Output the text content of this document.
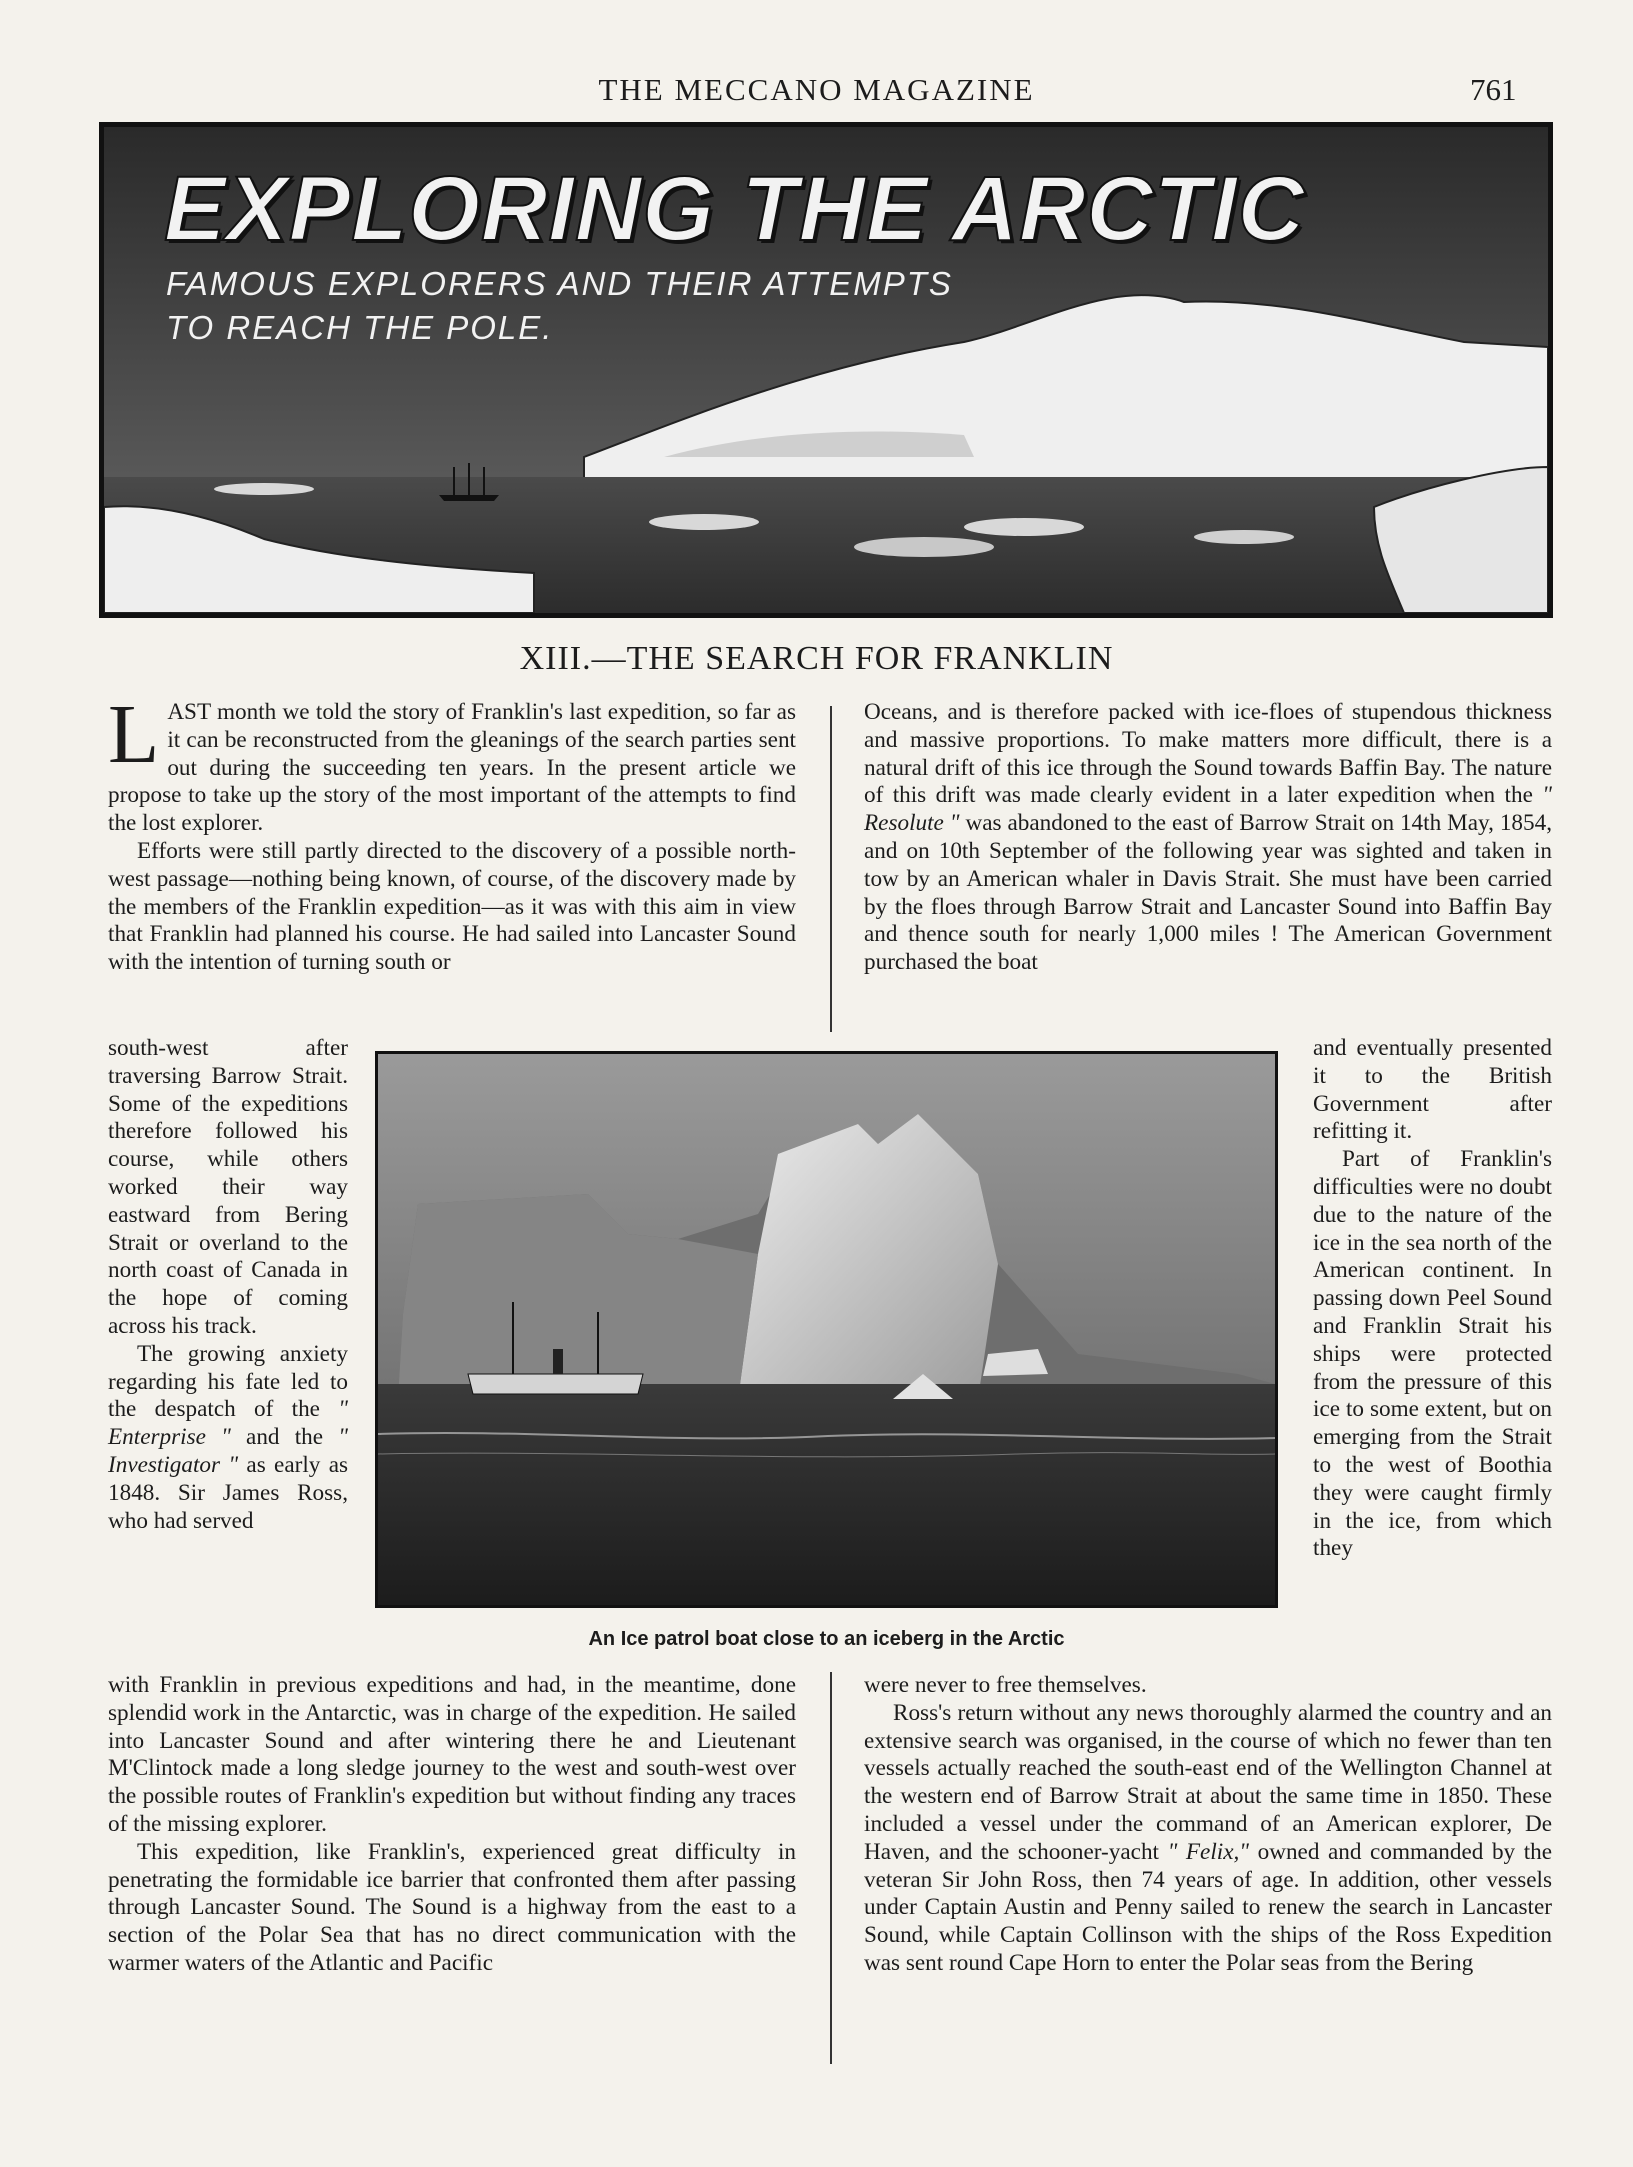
THE MECCANO MAGAZINE	761
EXPLORING THE ARCTIC
FAMOUS EXPLORERS AND THEIR ATTEMPTS
TO REACH THE POLE.
XIII.—THE SEARCH FOR FRANKLIN

L AST month we told the story of Franklin's last expedition, so far as it can be reconstructed from the gleanings of the search parties sent out during the succeeding ten years. In the present article we propose to take up the story of the most important of the attempts to find the lost explorer.

Efforts were still partly directed to the discovery of a possible north-west passage—nothing being known, of course, of the discovery made by the members of the Franklin expedition—as it was with this aim in view that Franklin had planned his course. He had sailed into Lancaster Sound with the intention of turning south or

south-west after traversing Barrow Strait. Some of the expeditions therefore followed his course, while others worked their way eastward from Bering Strait or overland to the north coast of Canada in the hope of coming across his track.

The growing anxiety regarding his fate led to the despatch of the " Enterprise " and the " Investigator " as early as 1848. Sir James Ross, who had served

with Franklin in previous expeditions and had, in the meantime, done splendid work in the Antarctic, was in charge of the expedition. He sailed into Lancaster Sound and after wintering there he and Lieutenant M'Clintock made a long sledge journey to the west and south-west over the possible routes of Franklin's expedition but without finding any traces of the missing explorer.

This expedition, like Franklin's, experienced great difficulty in penetrating the formidable ice barrier that confronted them after passing through Lancaster Sound. The Sound is a highway from the east to a section of the Polar Sea that has no direct communication with the warmer waters of the Atlantic and Pacific

Oceans, and is therefore packed with ice-floes of stupendous thickness and massive proportions. To make matters more difficult, there is a natural drift of this ice through the Sound towards Baffin Bay. The nature of this drift was made clearly evident in a later expedition when the " Resolute " was abandoned to the east of Barrow Strait on 14th May, 1854, and on 10th September of the following year was sighted and taken in tow by an American whaler in Davis Strait. She must have been carried by the floes through Barrow Strait and Lancaster Sound into Baffin Bay and thence south for nearly 1,000 miles ! The American Government purchased the boat

and eventually presented it to the British Government after refitting it.

Part of Franklin's difficulties were no doubt due to the nature of the ice in the sea north of the American continent. In passing down Peel Sound and Franklin Strait his ships were protected from the pressure of this ice to some extent, but on emerging from the Strait to the west of Boothia they were caught firmly in the ice, from which they

were never to free themselves.

Ross's return without any news thoroughly alarmed the country and an extensive search was organised, in the course of which no fewer than ten vessels actually reached the south-east end of the Wellington Channel at the western end of Barrow Strait at about the same time in 1850. These included a vessel under the command of an American explorer, De Haven, and the schooner-yacht " Felix," owned and commanded by the veteran Sir John Ross, then 74 years of age. In addition, other vessels under Captain Austin and Penny sailed to renew the search in Lancaster Sound, while Captain Collinson with the ships of the Ross Expedition was sent round Cape Horn to enter the Polar seas from the Bering

An Ice patrol boat close to an iceberg in the Arctic
